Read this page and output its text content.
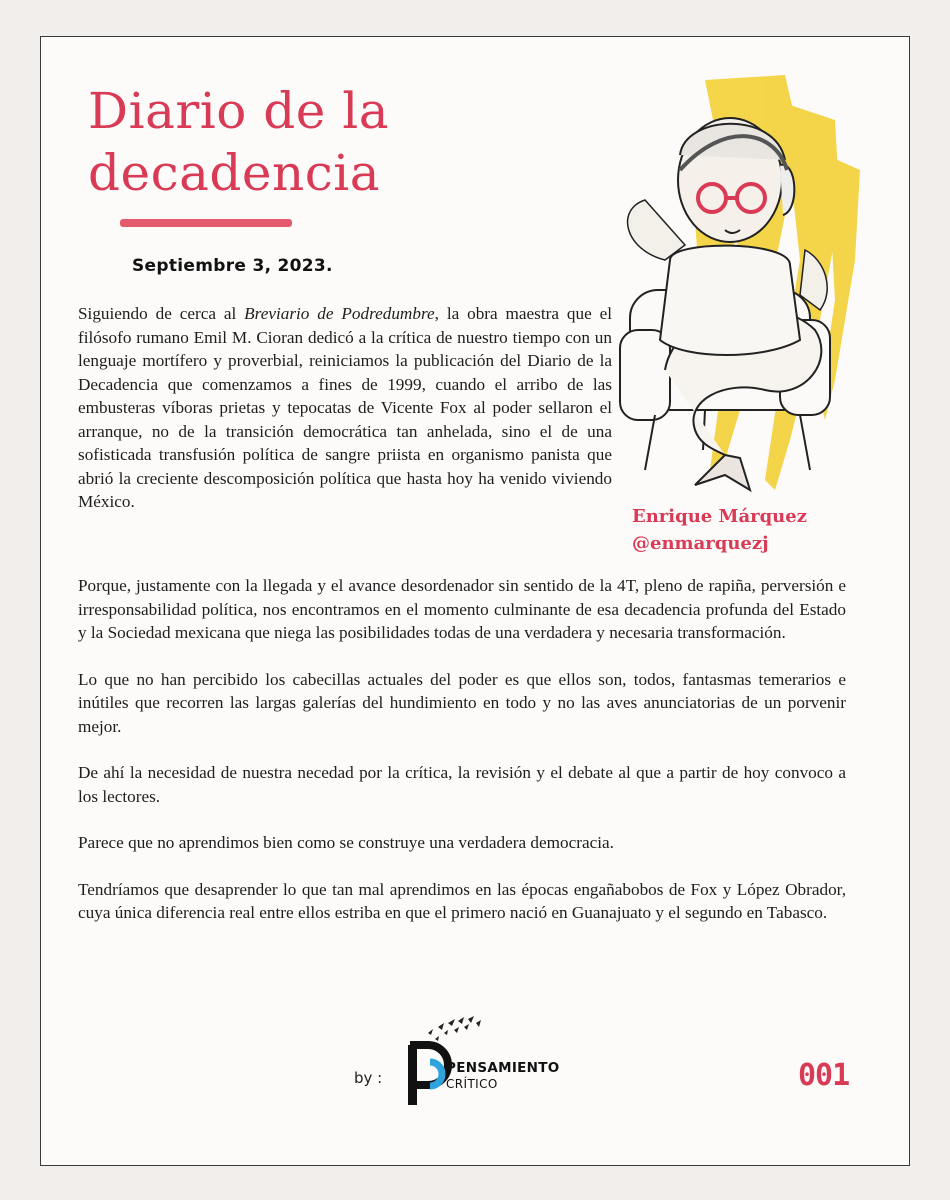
Diario de la
decadencia
Septiembre 3, 2023.

Siguiendo de cerca al Breviario de Podredumbre, la obra maestra que el filósofo rumano Emil M. Cioran dedicó a la crítica de nuestro tiempo con un lenguaje mortífero y proverbial, reiniciamos la publicación del Diario de la Decadencia que comenzamos a fines de 1999, cuando el arribo de las embusteras víboras prietas y tepocatas de Vicente Fox al poder sellaron el arranque, no de la transición democrática tan anhelada, sino el de una sofisticada transfusión política de sangre priista en organismo panista que abrió la creciente descomposición política que hasta hoy ha venido viviendo México.

Enrique Márquez
@enmarquezj

Porque, justamente con la llegada y el avance desordenador sin sentido de la 4T, pleno de rapiña, perversión e irresponsabilidad política, nos encontramos en el momento culminante de esa decadencia profunda del Estado y la Sociedad mexicana que niega las posibilidades todas de una verdadera y necesaria transformación.

Lo que no han percibido los cabecillas actuales del poder es que ellos son, todos, fantasmas temerarios e inútiles que recorren las largas galerías del hundimiento en todo y no las aves anunciatorias de un porvenir mejor.

De ahí la necesidad de nuestra necedad por la crítica, la revisión y el debate al que a partir de hoy convoco a los lectores.

Parece que no aprendimos bien como se construye una verdadera democracia.

Tendríamos que desaprender lo que tan mal aprendimos en las épocas engañabobos de Fox y López Obrador, cuya única diferencia real entre ellos estriba en que el primero nació en Guanajuato y el segundo en Tabasco.

by :
PENSAMIENTO
CRÍTICO	001
